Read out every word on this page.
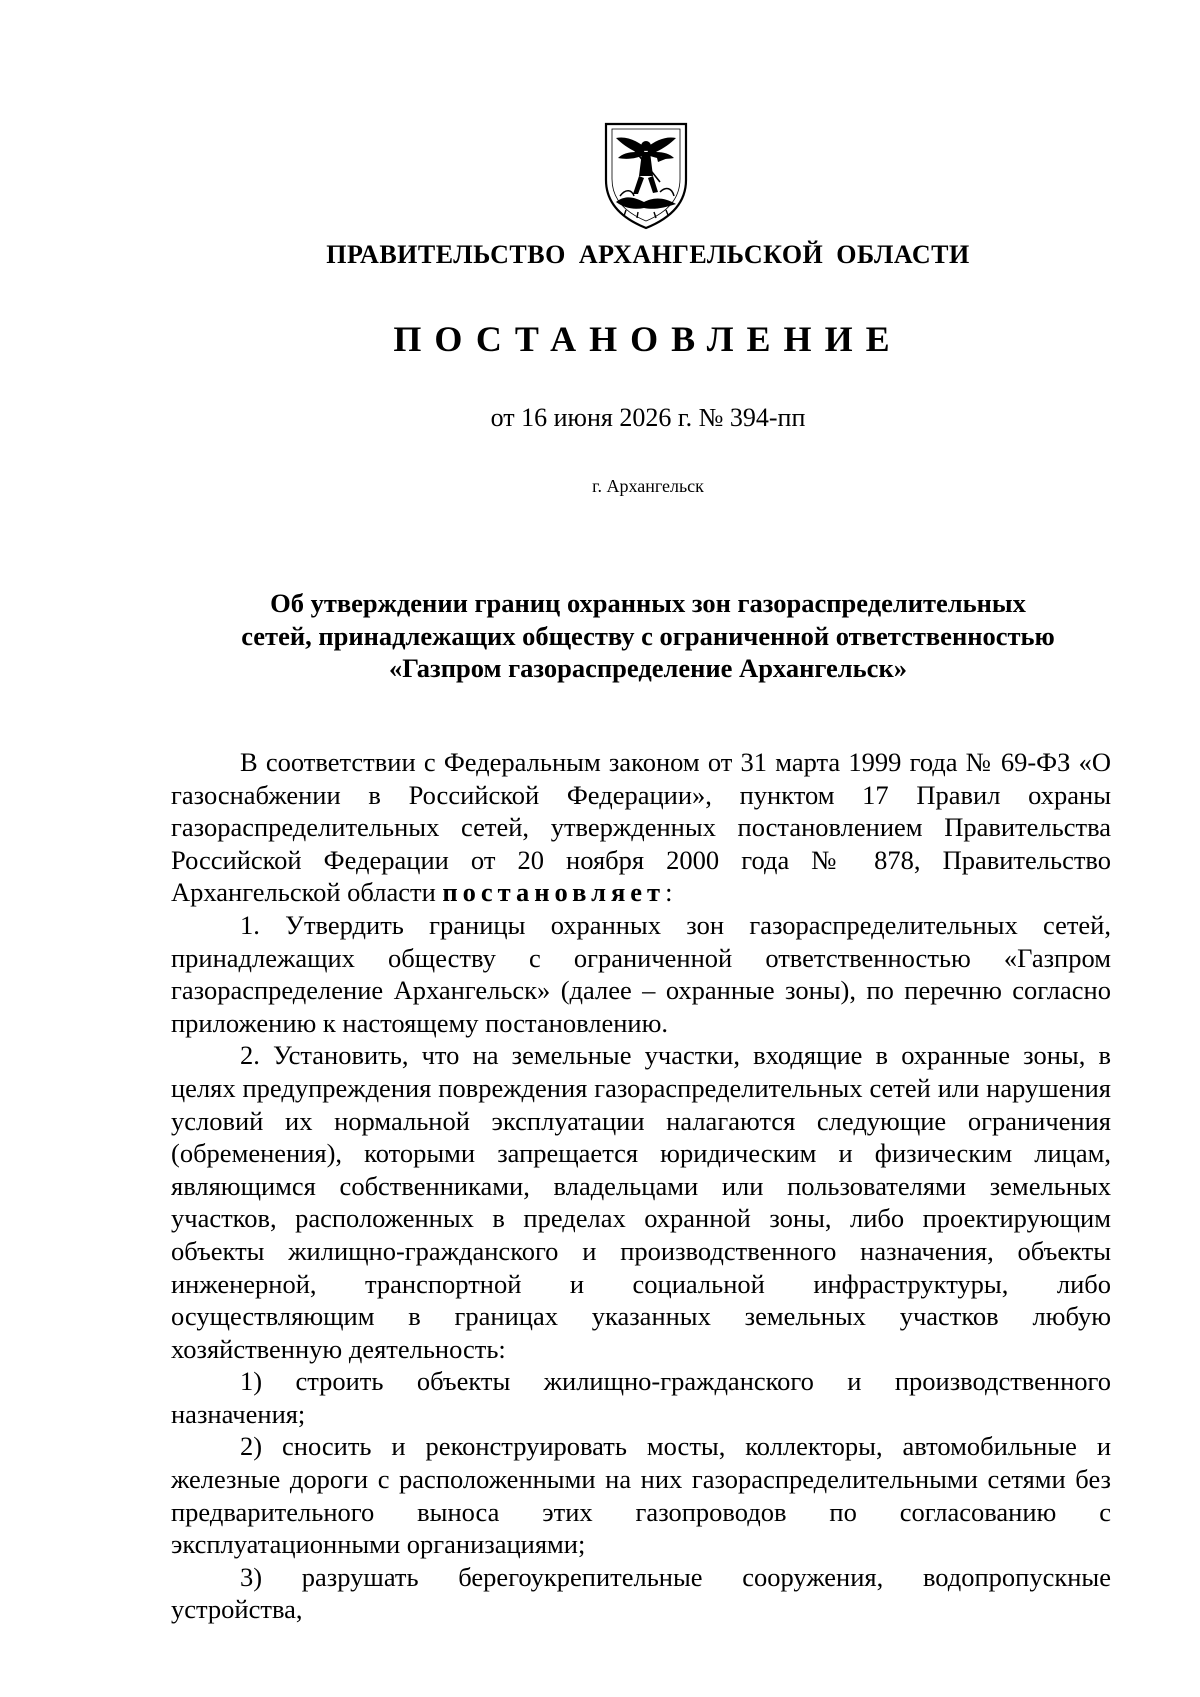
ПРАВИТЕЛЬСТВО АРХАНГЕЛЬСКОЙ ОБЛАСТИ
ПОСТАНОВЛЕНИЕ
от 16 июня 2026 г. № 394-пп
г. Архангельск
Об утверждении границ охранных зон газораспределительных
сетей, принадлежащих обществу с ограниченной ответственностью
«Газпром газораспределение Архангельск»

В соответствии с Федеральным законом от 31 марта 1999 года № 69-ФЗ «О газоснабжении в Российской Федерации», пунктом 17 Правил охраны газораспределительных сетей, утвержденных постановлением Правительства Российской Федерации от 20 ноября 2000 года № 878, Правительство Архангельской области постановляет:

1. Утвердить границы охранных зон газораспределительных сетей, принадлежащих обществу с ограниченной ответственностью «Газпром газораспределение Архангельск» (далее – охранные зоны), по перечню согласно приложению к настоящему постановлению.

2. Установить, что на земельные участки, входящие в охранные зоны, в целях предупреждения повреждения газораспределительных сетей или нарушения условий их нормальной эксплуатации налагаются следующие ограничения (обременения), которыми запрещается юридическим и физическим лицам, являющимся собственниками, владельцами или пользователями земельных участков, расположенных в пределах охранной зоны, либо проектирующим объекты жилищно-гражданского и производственного назначения, объекты инженерной, транспортной и социальной инфраструктуры, либо осуществляющим в границах указанных земельных участков любую хозяйственную деятельность:

1) строить объекты жилищно-гражданского и производственного назначения;

2) сносить и реконструировать мосты, коллекторы, автомобильные и железные дороги с расположенными на них газораспределительными сетями без предварительного выноса этих газопроводов по согласованию с эксплуатационными организациями;

3) разрушать берегоукрепительные сооружения, водопропускные устройства,
